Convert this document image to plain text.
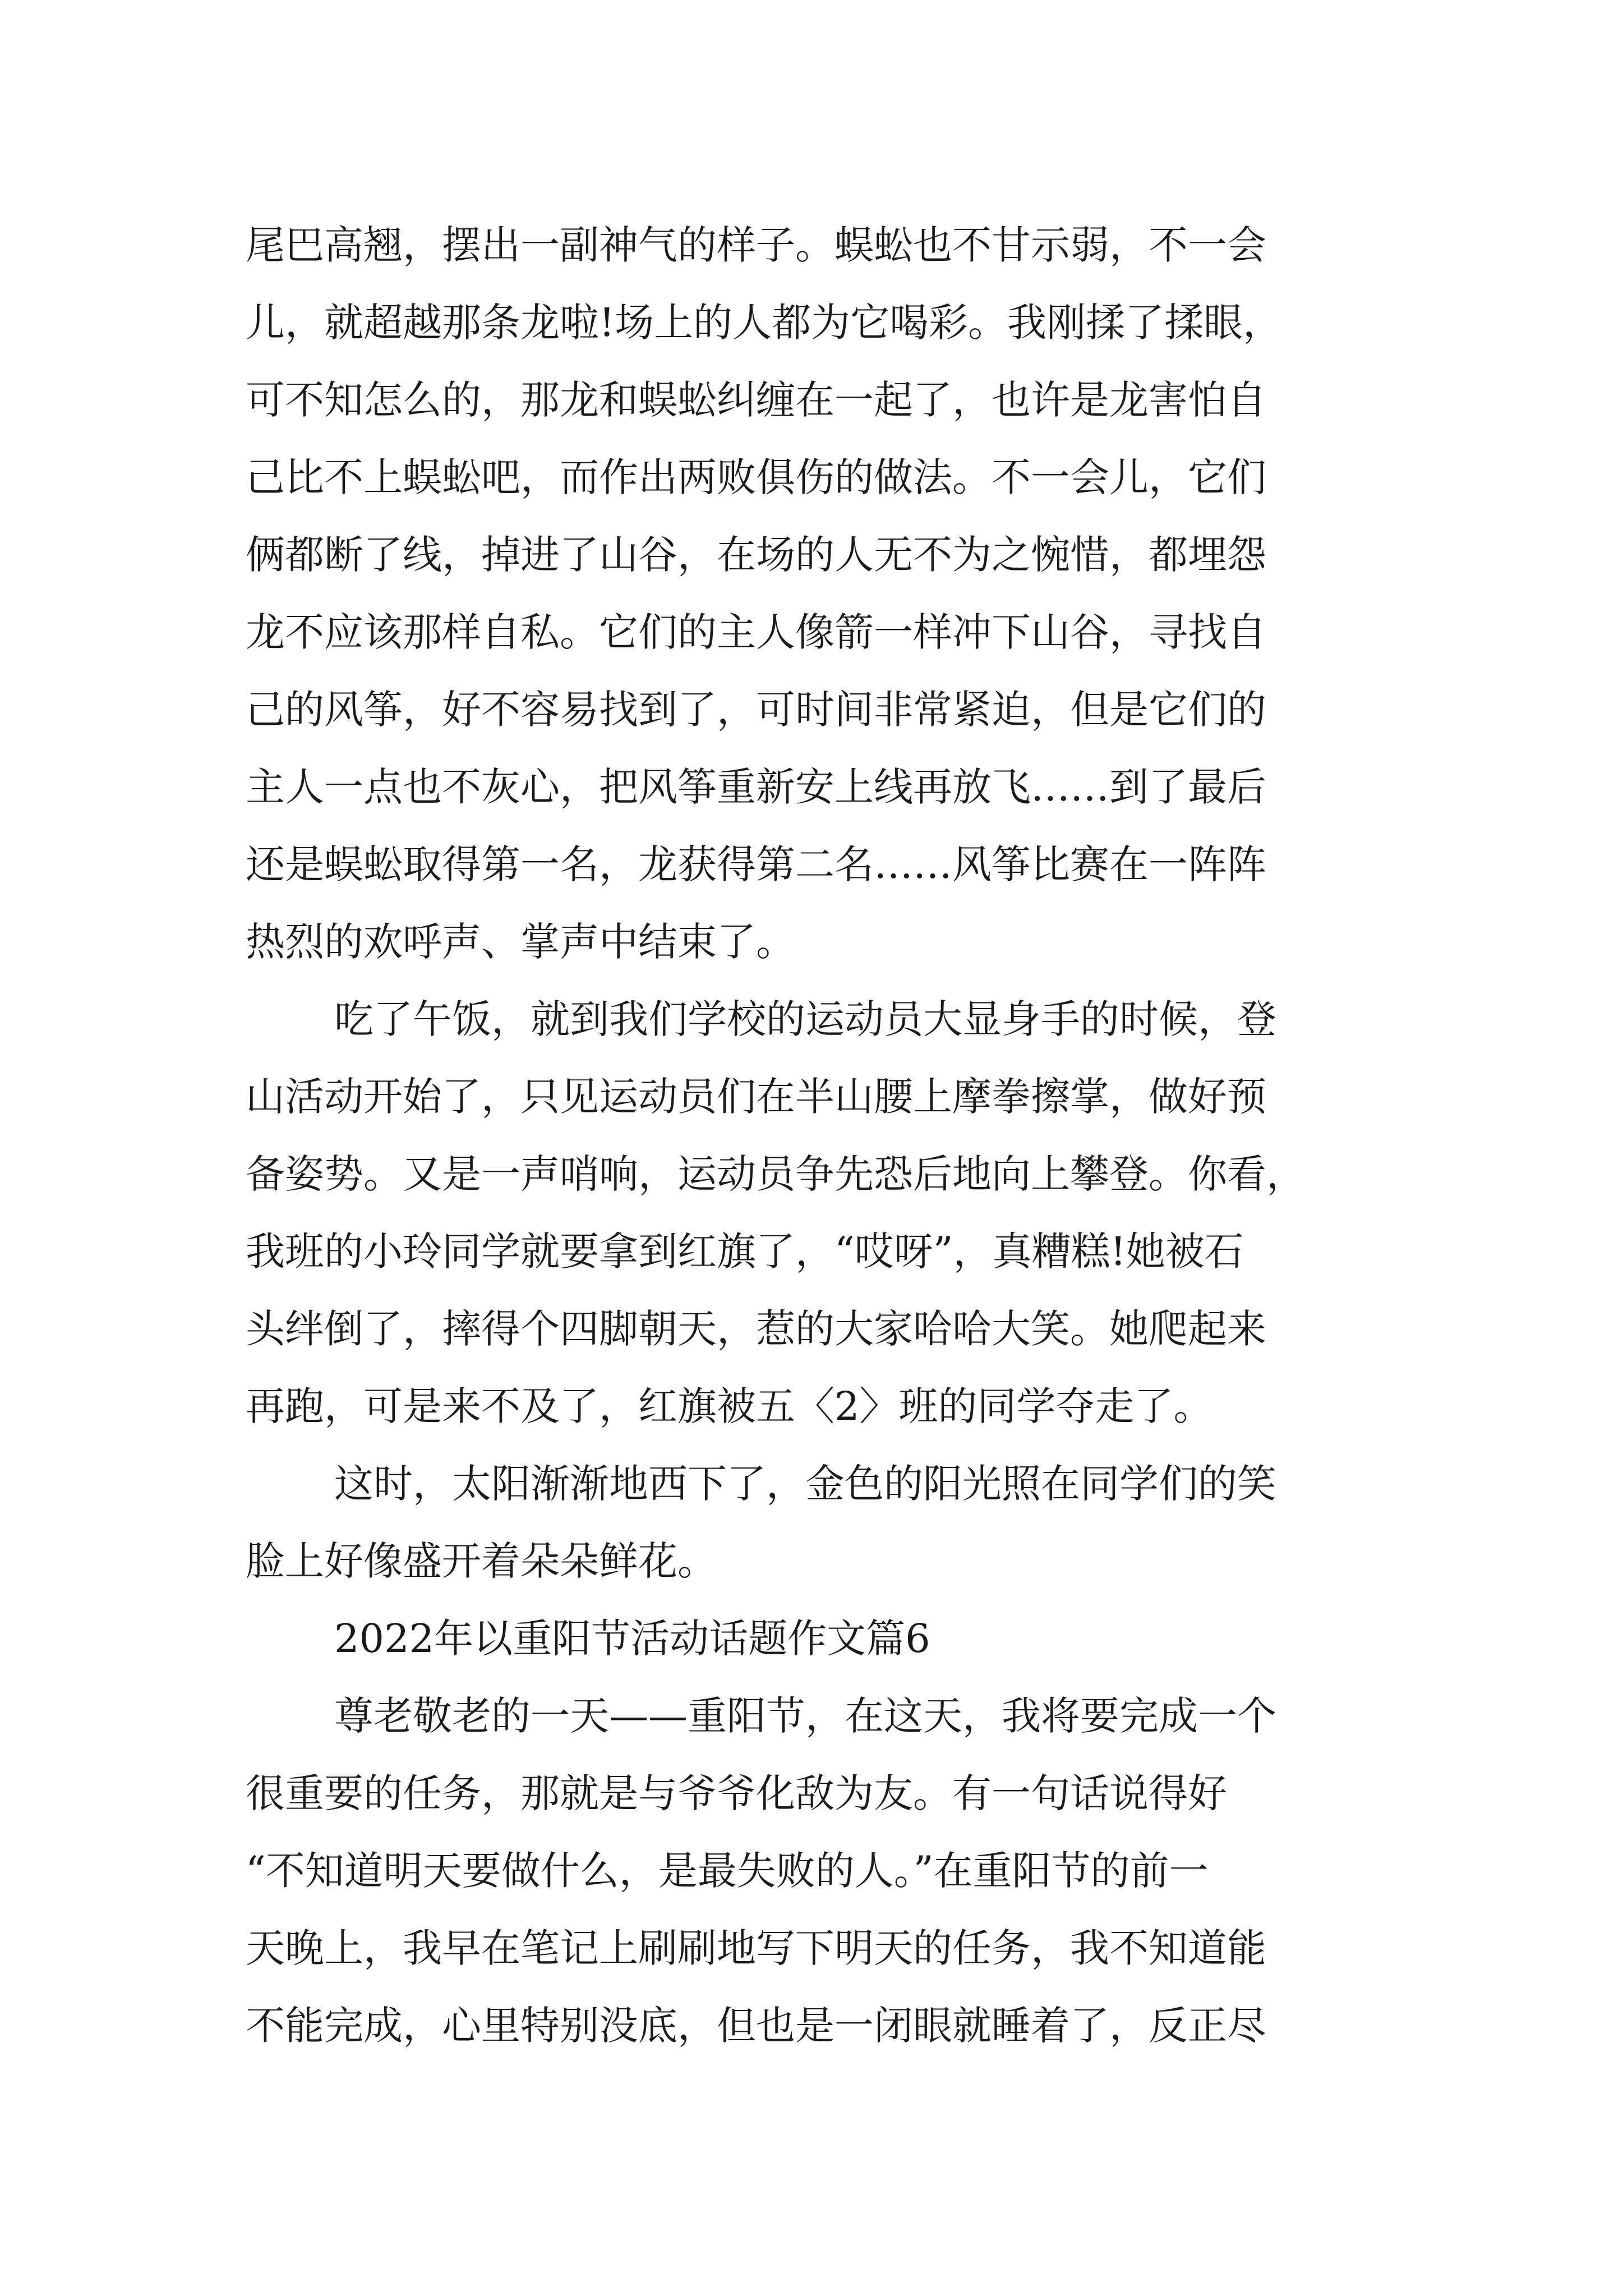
尾巴高翘，摆出一副神气的样子。蜈蚣也不甘示弱，不一会
儿，就超越那条龙啦!场上的人都为它喝彩。我刚揉了揉眼，
可不知怎么的，那龙和蜈蚣纠缠在一起了，也许是龙害怕自
己比不上蜈蚣吧，而作出两败俱伤的做法。不一会儿，它们
俩都断了线，掉进了山谷，在场的人无不为之惋惜，都埋怨
龙不应该那样自私。它们的主人像箭一样冲下山谷，寻找自
己的风筝，好不容易找到了，可时间非常紧迫，但是它们的
主人一点也不灰心，把风筝重新安上线再放飞……到了最后
还是蜈蚣取得第一名，龙获得第二名……风筝比赛在一阵阵
热烈的欢呼声、掌声中结束了。
吃了午饭，就到我们学校的运动员大显身手的时候，登
山活动开始了，只见运动员们在半山腰上摩拳擦掌，做好预
备姿势。又是一声哨响，运动员争先恐后地向上攀登。你看，
我班的小玲同学就要拿到红旗了，“哎呀”，真糟糕!她被石
头绊倒了，摔得个四脚朝天，惹的大家哈哈大笑。她爬起来
再跑，可是来不及了，红旗被五〈2〉班的同学夺走了。
这时，太阳渐渐地西下了，金色的阳光照在同学们的笑
脸上好像盛开着朵朵鲜花。
2022年以重阳节活动话题作文篇6
尊老敬老的一天——重阳节，在这天，我将要完成一个
很重要的任务，那就是与爷爷化敌为友。有一句话说得好
“不知道明天要做什么，是最失败的人。”在重阳节的前一
天晚上，我早在笔记上刷刷地写下明天的任务，我不知道能
不能完成，心里特别没底，但也是一闭眼就睡着了，反正尽
